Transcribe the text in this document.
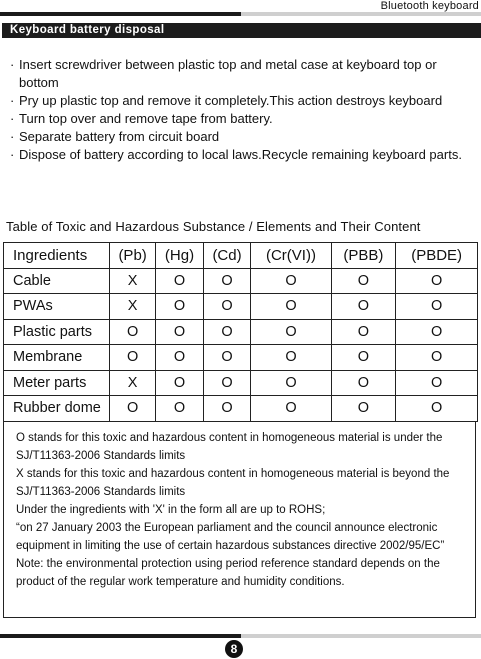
Bluetooth keyboard
Keyboard battery disposal
· Insert screwdriver between plastic top and metal case at keyboard top or bottom
· Pry up plastic top and remove it completely.This action destroys keyboard
· Turn top over and remove tape from battery.
· Separate battery from circuit board
· Dispose of battery according to local laws.Recycle remaining keyboard parts.
Table of Toxic and Hazardous Substance / Elements and Their Content
Ingredients	(Pb)	(Hg)	(Cd)	(Cr(VI))	(PBB)	(PBDE)
Cable	X	O	O	O	O	O
PWAs	X	O	O	O	O	O
Plastic parts	O	O	O	O	O	O
Membrane	O	O	O	O	O	O
Meter parts	X	O	O	O	O	O
Rubber dome	O	O	O	O	O	O

O stands for this toxic and hazardous content in homogeneous material is under the SJ/T11363-2006 Standards limits

X stands for this toxic and hazardous content in homogeneous material is beyond the SJ/T11363-2006 Standards limits

Under the ingredients with 'X' in the form all are up to ROHS;

“on 27 January 2003 the European parliament and the council announce electronic equipment in limiting the use of certain hazardous substances directive 2002/95/EC”

Note: the environmental protection using period reference standard depends on the product of the regular work temperature and humidity conditions.

8
